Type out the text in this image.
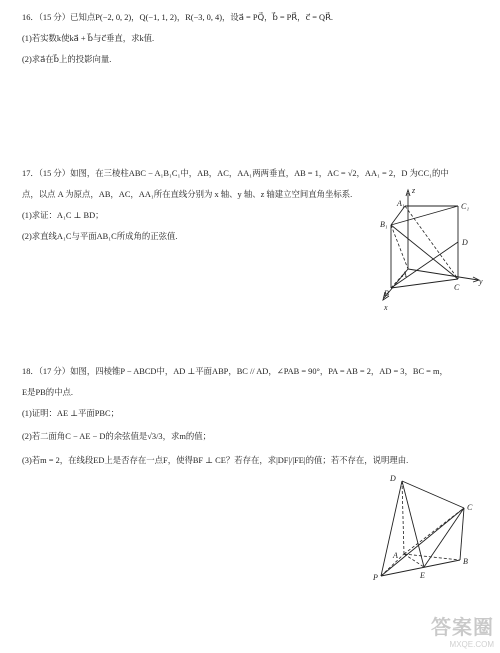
16．（15 分）已知点P(−2, 0, 2)，Q(−1, 1, 2)，R(−3, 0, 4)，设a⃗ = PQ⃗，b⃗ = PR⃗，c⃗ = QR⃗.
(1)若实数k使ka⃗ + b⃗与c⃗垂直，求k值.
(2)求a⃗在b⃗上的投影向量.
17．（15 分）如图，在三棱柱ABC − A₁B₁C₁中，AB，AC，AA₁两两垂直，AB = 1，AC = √2，AA₁ = 2，D 为CC₁的中
点，以点 A 为原点，AB，AC，AA₁所在直线分别为 x 轴、y 轴、z 轴建立空间直角坐标系.
(1)求证：A₁C ⊥ BD；
(2)求直线A₁C与平面AB₁C所成角的正弦值.
z
A₁	C₁
B₁
D
A
C
y
B
x
18．（17 分）如图，四棱锥P − ABCD中，AD ⊥平面ABP，BC // AD，∠PAB = 90°，PA = AB = 2，AD = 3，BC = m，
E是PB的中点.
(1)证明：AE ⊥平面PBC；
(2)若二面角C − AE − D的余弦值是√3/3，求m的值；
(3)若m = 2，在线段ED上是否存在一点F，使得BF ⊥ CE？若存在，求|DF|/|FE|的值；若不存在，说明理由.
D
C
A
B
P	E
答案圈
MXQE.COM
